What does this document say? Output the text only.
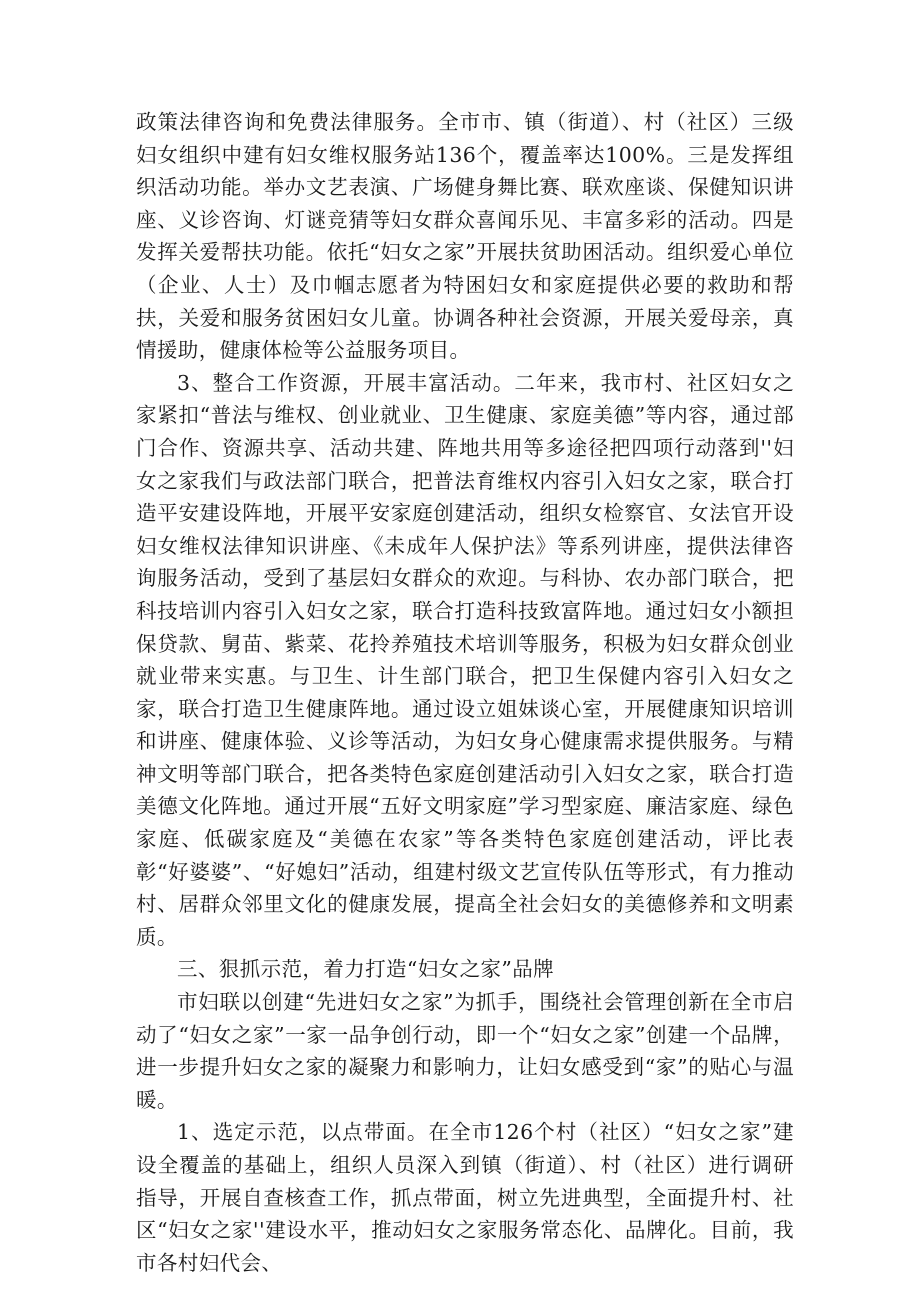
政策法律咨询和免费法律服务。全市市、镇（街道）、村（社区）三级妇女组织中建有妇女维权服务站136个，覆盖率达100%。三是发挥组织活动功能。举办文艺表演、广场健身舞比赛、联欢座谈、保健知识讲座、义诊咨询、灯谜竞猜等妇女群众喜闻乐见、丰富多彩的活动。四是发挥关爱帮扶功能。依托“妇女之家”开展扶贫助困活动。组织爱心单位（企业、人士）及巾帼志愿者为特困妇女和家庭提供必要的救助和帮扶，关爱和服务贫困妇女儿童。协调各种社会资源，开展关爱母亲，真情援助，健康体检等公益服务项目。

3、整合工作资源，开展丰富活动。二年来，我市村、社区妇女之家紧扣“普法与维权、创业就业、卫生健康、家庭美德”等内容，通过部门合作、资源共享、活动共建、阵地共用等多途径把四项行动落到''妇女之家我们与政法部门联合，把普法育维权内容引入妇女之家，联合打造平安建设阵地，开展平安家庭创建活动，组织女检察官、女法官开设妇女维权法律知识讲座、《未成年人保护法》等系列讲座，提供法律咨询服务活动，受到了基层妇女群众的欢迎。与科协、农办部门联合，把科技培训内容引入妇女之家，联合打造科技致富阵地。通过妇女小额担保贷款、舅苗、紫菜、花拎养殖技术培训等服务，积极为妇女群众创业就业带来实惠。与卫生、计生部门联合，把卫生保健内容引入妇女之家，联合打造卫生健康阵地。通过设立姐妹谈心室，开展健康知识培训和讲座、健康体验、义诊等活动，为妇女身心健康需求提供服务。与精神文明等部门联合，把各类特色家庭创建活动引入妇女之家，联合打造美德文化阵地。通过开展“五好文明家庭”学习型家庭、廉洁家庭、绿色家庭、低碳家庭及“美德在农家”等各类特色家庭创建活动，评比表彰“好婆婆”、“好媳妇”活动，组建村级文艺宣传队伍等形式，有力推动村、居群众邻里文化的健康发展，提高全社会妇女的美德修养和文明素质。

三、狠抓示范，着力打造“妇女之家”品牌

市妇联以创建“先进妇女之家”为抓手，围绕社会管理创新在全市启动了“妇女之家”一家一品争创行动，即一个“妇女之家”创建一个品牌，进一步提升妇女之家的凝聚力和影响力，让妇女感受到“家”的贴心与温暖。

1、选定示范，以点带面。在全市126个村（社区）“妇女之家”建设全覆盖的基础上，组织人员深入到镇（街道）、村（社区）进行调研指导，开展自查核查工作，抓点带面，树立先进典型，全面提升村、社区“妇女之家''建设水平，推动妇女之家服务常态化、品牌化。目前，我市各村妇代会、
